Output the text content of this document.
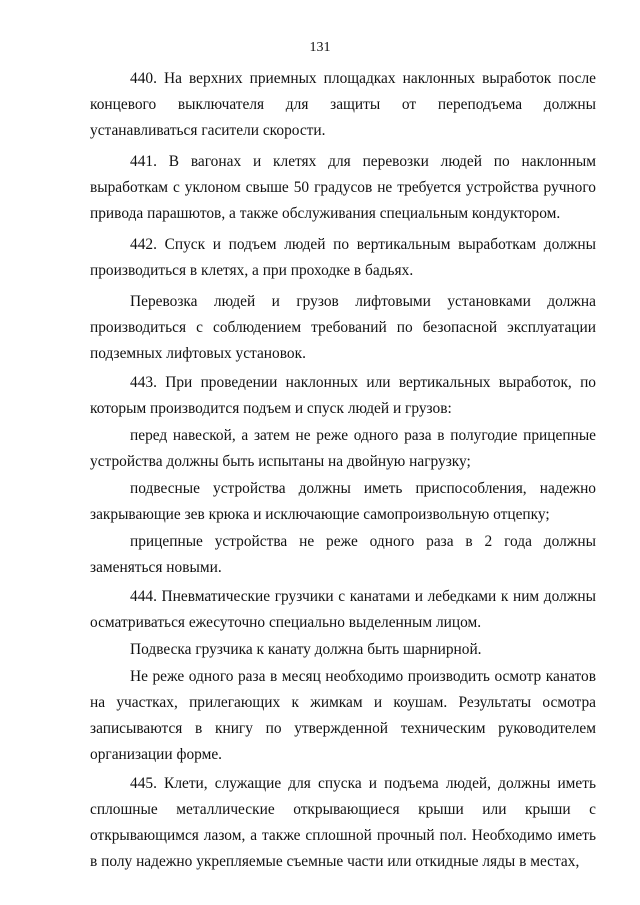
131

440. На верхних приемных площадках наклонных выработок после концевого выключателя для защиты от переподъема должны устанавливаться гасители скорости.

441. В вагонах и клетях для перевозки людей по наклонным выработкам с уклоном свыше 50 градусов не требуется устройства ручного привода парашютов, а также обслуживания специальным кондуктором.

442. Спуск и подъем людей по вертикальным выработкам должны производиться в клетях, а при проходке в бадьях.

Перевозка людей и грузов лифтовыми установками должна производиться с соблюдением требований по безопасной эксплуатации подземных лифтовых установок.

443. При проведении наклонных или вертикальных выработок, по которым производится подъем и спуск людей и грузов:

перед навеской, а затем не реже одного раза в полугодие прицепные устройства должны быть испытаны на двойную нагрузку;

подвесные устройства должны иметь приспособления, надежно закрывающие зев крюка и исключающие самопроизвольную отцепку;

прицепные устройства не реже одного раза в 2 года должны заменяться новыми.

444. Пневматические грузчики с канатами и лебедками к ним должны осматриваться ежесуточно специально выделенным лицом.

Подвеска грузчика к канату должна быть шарнирной.

Не реже одного раза в месяц необходимо производить осмотр канатов на участках, прилегающих к жимкам и коушам. Результаты осмотра записываются в книгу по утвержденной техническим руководителем организации форме.

445. Клети, служащие для спуска и подъема людей, должны иметь сплошные металлические открывающиеся крыши или крыши с открывающимся лазом, а также сплошной прочный пол. Необходимо иметь в полу надежно укрепляемые съемные части или откидные ляды в местах,
